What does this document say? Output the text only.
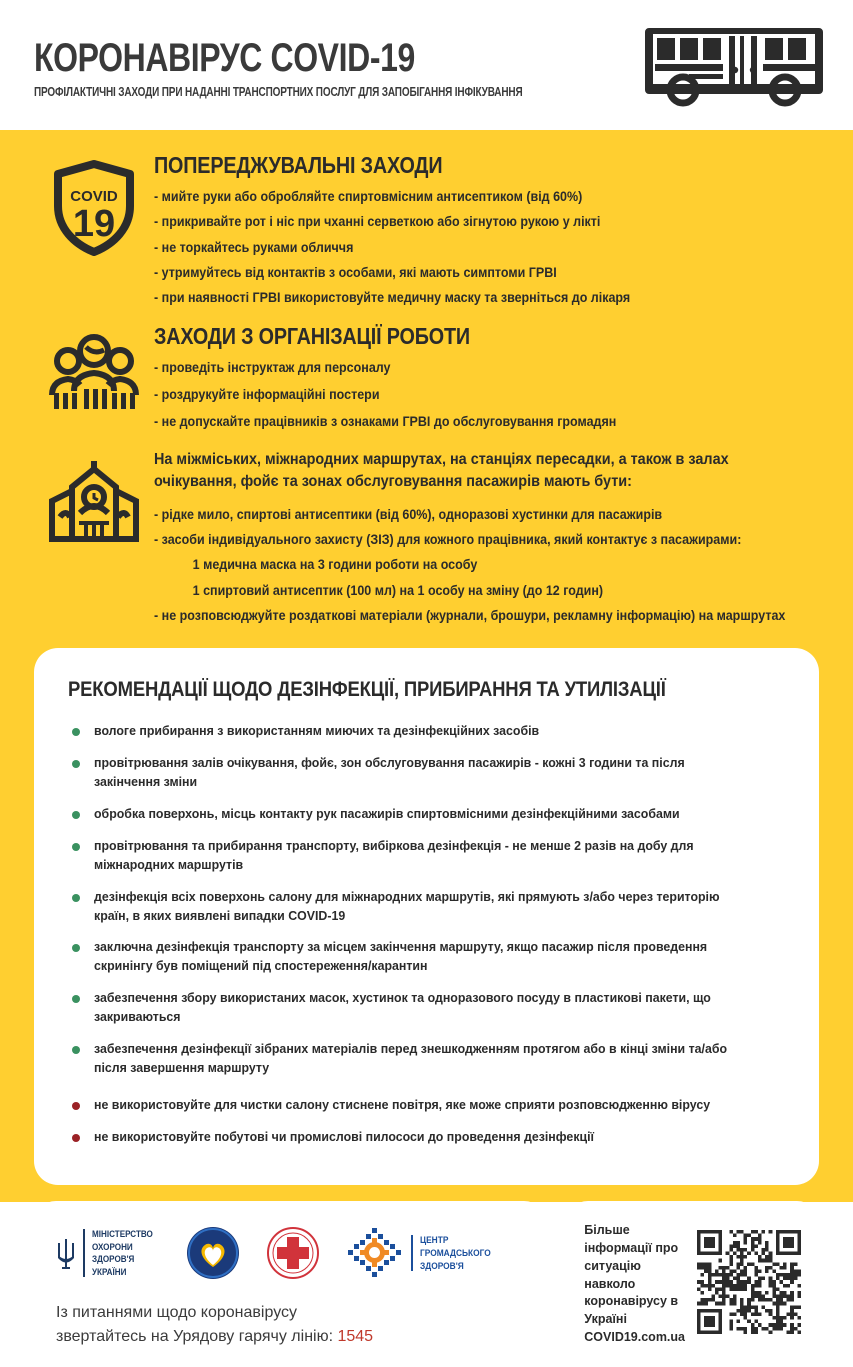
КОРОНАВІРУС COVID-19
ПРОФІЛАКТИЧНІ ЗАХОДИ ПРИ НАДАННІ ТРАНСПОРТНИХ ПОСЛУГ ДЛЯ ЗАПОБІГАННЯ ІНФІКУВАННЯ
COVID
19
ПОПЕРЕДЖУВАЛЬНІ ЗАХОДИ
- мийте руки або обробляйте спиртовмісним антисептиком (від 60%)
- прикривайте рот і ніс при чханні серветкою або зігнутою рукою у лікті
- не торкайтесь руками обличчя
- утримуйтесь від контактів з особами, які мають симптоми ГРВІ
- при наявності ГРВІ використовуйте медичну маску та зверніться до лікаря
ЗАХОДИ З ОРГАНІЗАЦІЇ РОБОТИ
- проведіть інструктаж для персоналу
- роздрукуйте інформаційні постери
- не допускайте працівників з ознаками ГРВІ до обслуговування громадян
На міжміських, міжнародних маршрутах, на станціях пересадки, а також в залах очікування, фойє та зонах обслуговування пасажирів мають бути:
- рідке мило, спиртові антисептики (від 60%), одноразові хустинки для пасажирів
- засоби індивідуального захисту (ЗІЗ) для кожного працівника, який контактує з пасажирами:
1 медична маска на 3 години роботи на особу
1 спиртовий антисептик (100 мл) на 1 особу на зміну (до 12 годин)
- не розповсюджуйте роздаткові матеріали (журнали, брошури, рекламну інформацію) на маршрутах
РЕКОМЕНДАЦІЇ ЩОДО ДЕЗІНФЕКЦІЇ, ПРИБИРАННЯ ТА УТИЛІЗАЦІЇ
вологе прибирання з використанням миючих та дезінфекційних засобів
провітрювання залів очікування, фойє, зон обслуговування пасажирів - кожні 3 години та після закінчення зміни
обробка поверхонь, місць контакту рук пасажирів спиртовмісними дезінфекційними засобами
провітрювання та прибирання транспорту, вибіркова дезінфекція - не менше 2 разів на добу для міжнародних маршрутів
дезінфекція всіх поверхонь салону для міжнародних маршрутів, які прямують з/або через територію країн, в яких виявлені випадки COVID-19
заключна дезінфекція транспорту за місцем закінчення маршруту, якщо пасажир після проведення скринінгу був поміщений під спостереження/карантин
забезпечення збору використаних масок, хустинок та одноразового посуду в пластикові пакети, що закриваються
забезпечення дезінфекції зібраних матеріалів перед знешкодженням протягом або в кінці зміни та/або після завершення маршруту
не використовуйте для чистки салону стиснене повітря, яке може сприяти розповсюдженню вірусу
не використовуйте побутові чи промислові пилососи до проведення дезінфекції
МІНІСТЕРСТВО
ОХОРОНИ
ЗДОРОВ'Я
УКРАЇНИ
ЦЕНТР
ГРОМАДСЬКОГО
ЗДОРОВ'Я
Із питаннями щодо коронавірусу
звертайтесь на Урядову гарячу лінію: 1545
Більше
інформації про
ситуацію навколо
коронавірусу в
Україні
COVID19.com.ua
